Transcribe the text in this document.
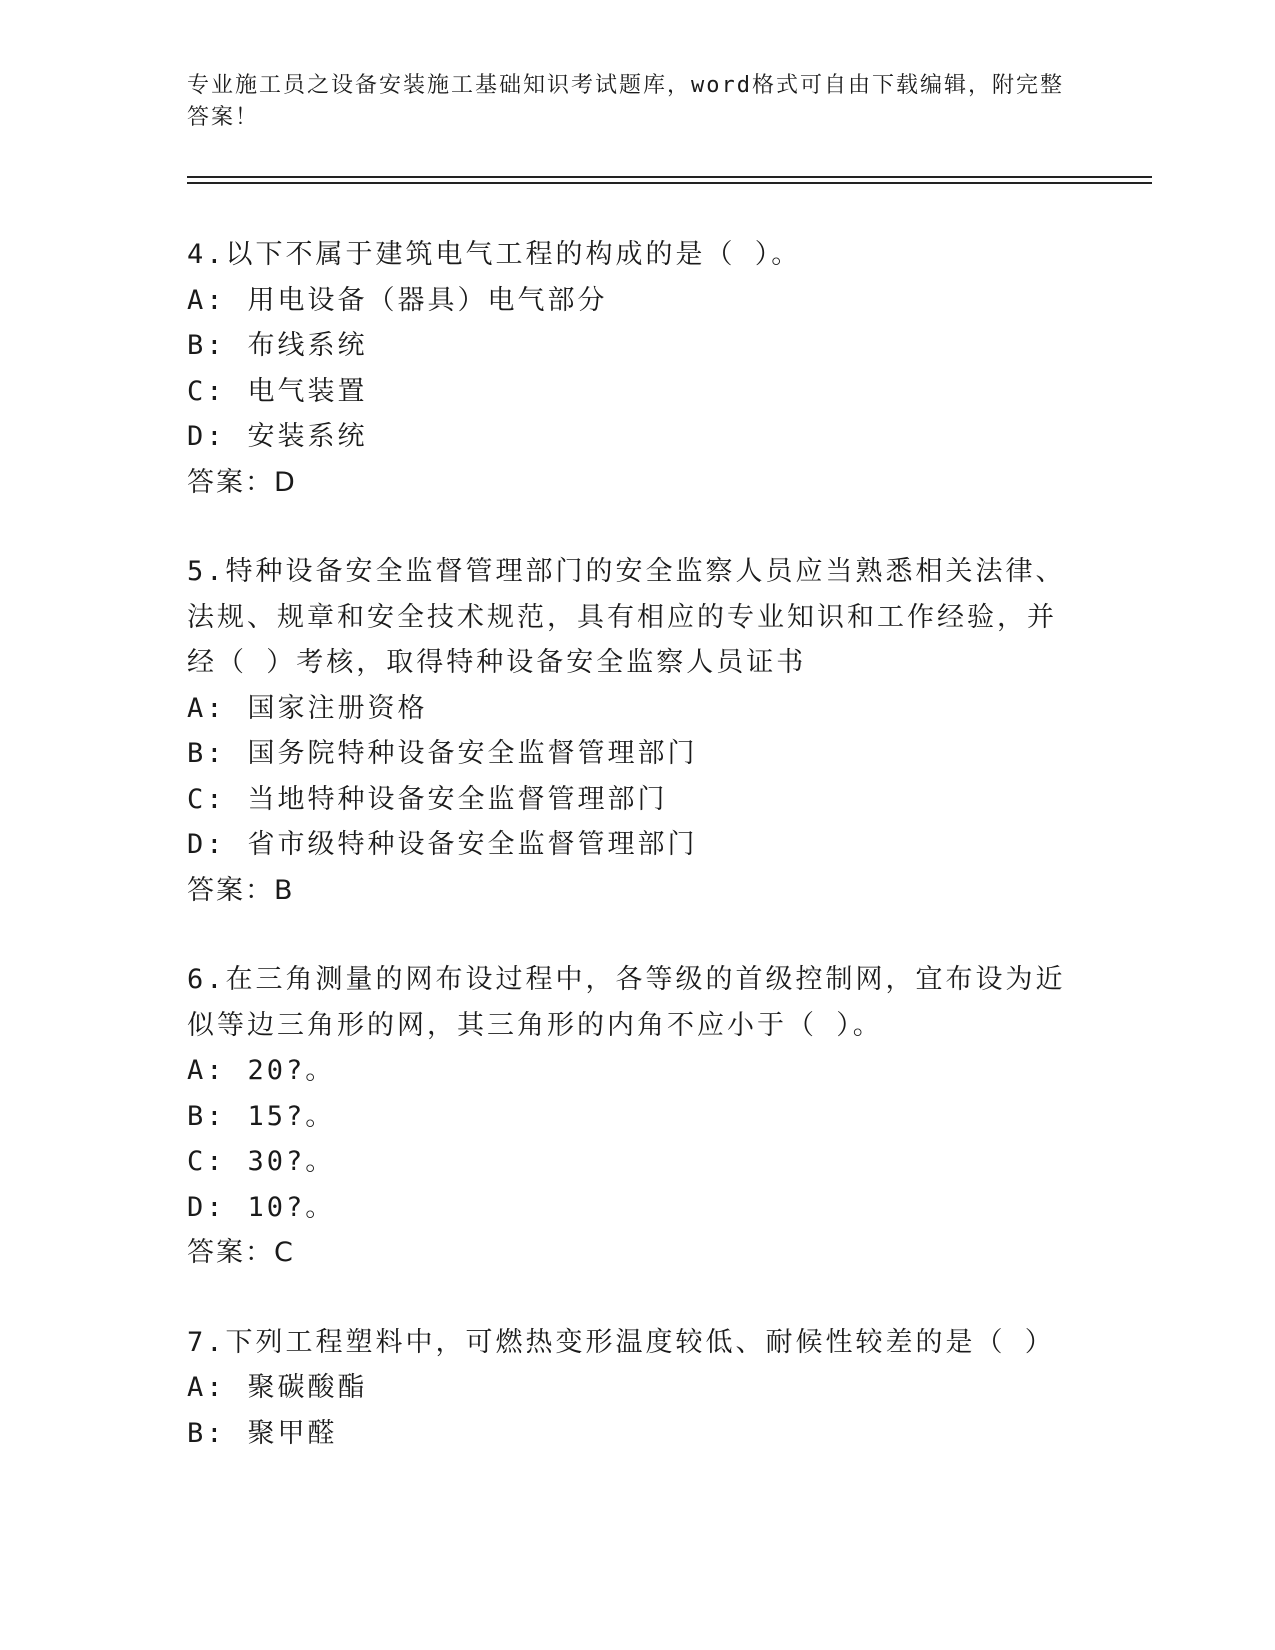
专业施工员之设备安装施工基础知识考试题库，word格式可自由下载编辑，附完整答案！
4.以下不属于建筑电气工程的构成的是（ ）。
A: 用电设备（器具）电气部分
B: 布线系统
C: 电气装置
D: 安装系统
答案：D
5.特种设备安全监督管理部门的安全监察人员应当熟悉相关法律、法规、规章和安全技术规范，具有相应的专业知识和工作经验，并经（ ）考核，取得特种设备安全监察人员证书
A: 国家注册资格
B: 国务院特种设备安全监督管理部门
C: 当地特种设备安全监督管理部门
D: 省市级特种设备安全监督管理部门
答案：B
6.在三角测量的网布设过程中，各等级的首级控制网，宜布设为近似等边三角形的网，其三角形的内角不应小于（ ）。
A: 20?。
B: 15?。
C: 30?。
D: 10?。
答案：C
7.下列工程塑料中，可燃热变形温度较低、耐候性较差的是（ ）
A: 聚碳酸酯
B: 聚甲醛
